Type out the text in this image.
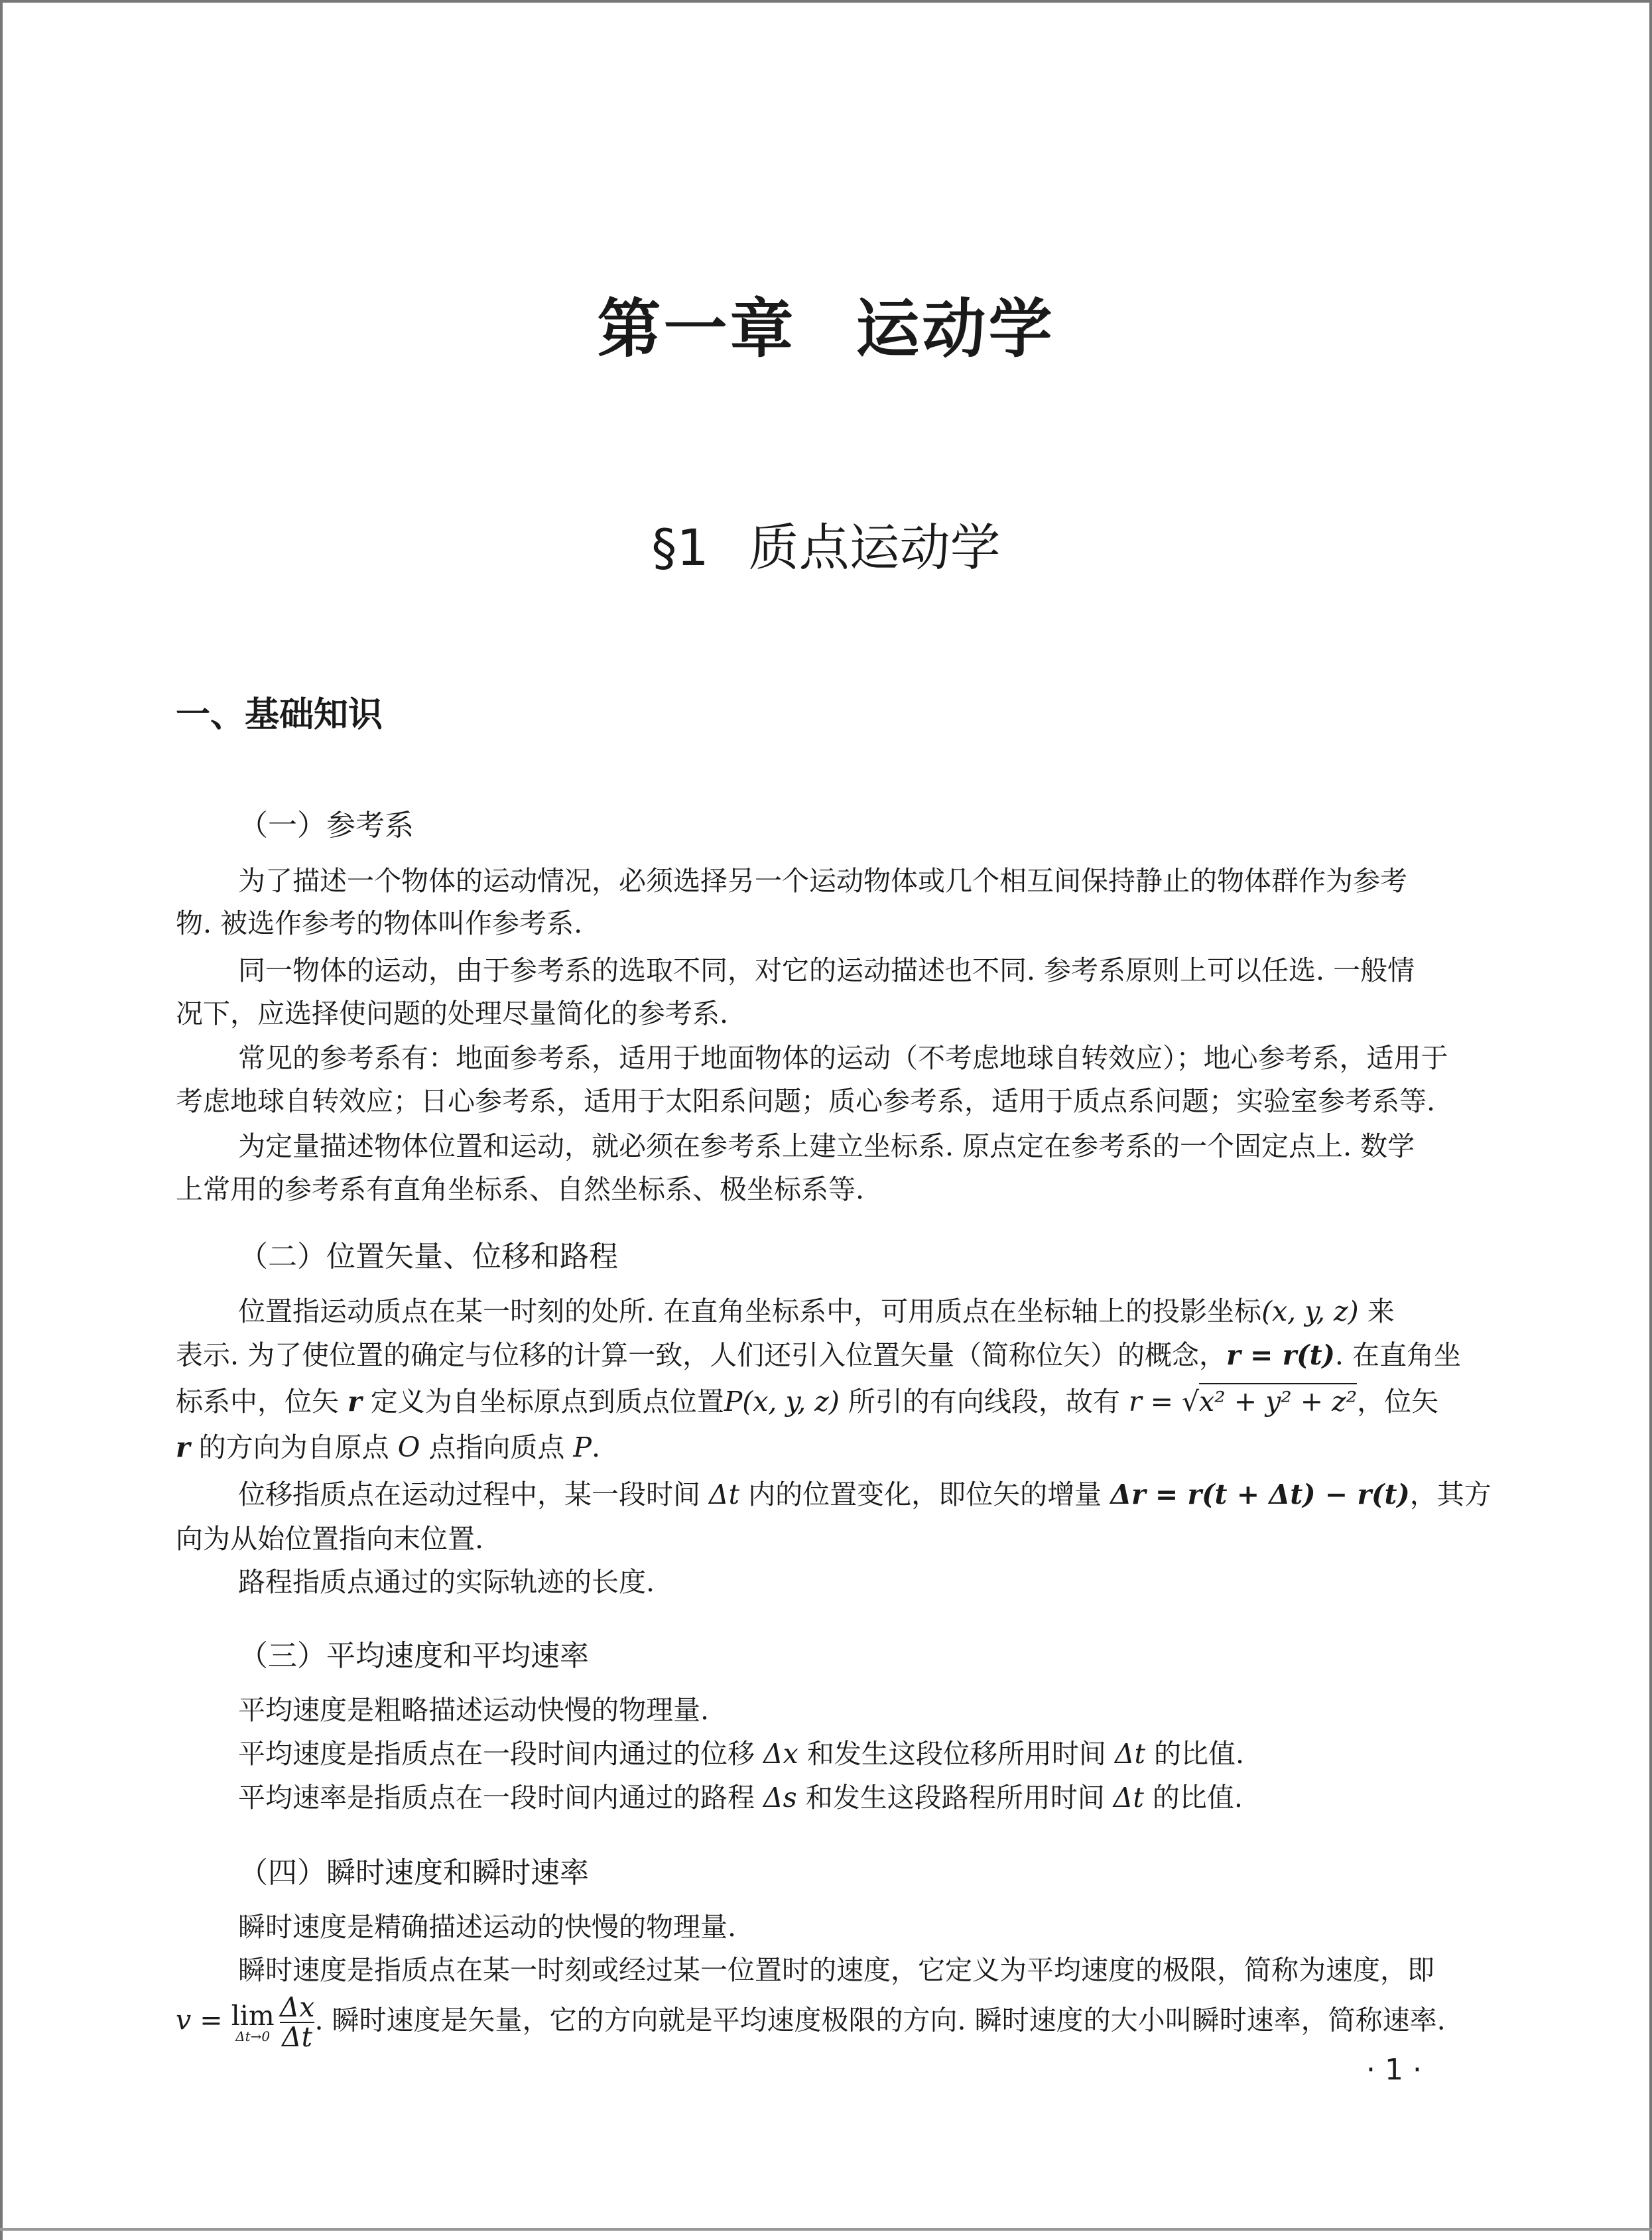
第一章 运动学
§1 质点运动学
一、基础知识
（一）参考系
为了描述一个物体的运动情况，必须选择另一个运动物体或几个相互间保持静止的物体群作为参考
物. 被选作参考的物体叫作参考系.
同一物体的运动，由于参考系的选取不同，对它的运动描述也不同. 参考系原则上可以任选. 一般情
况下，应选择使问题的处理尽量简化的参考系.
常见的参考系有：地面参考系，适用于地面物体的运动（不考虑地球自转效应）；地心参考系，适用于
考虑地球自转效应；日心参考系，适用于太阳系问题；质心参考系，适用于质点系问题；实验室参考系等.
为定量描述物体位置和运动，就必须在参考系上建立坐标系. 原点定在参考系的一个固定点上. 数学
上常用的参考系有直角坐标系、自然坐标系、极坐标系等.
（二）位置矢量、位移和路程
位置指运动质点在某一时刻的处所. 在直角坐标系中，可用质点在坐标轴上的投影坐标(x, y, z) 来
表示. 为了使位置的确定与位移的计算一致，人们还引入位置矢量（简称位矢）的概念，r = r(t). 在直角坐
标系中，位矢 r 定义为自坐标原点到质点位置P(x, y, z) 所引的有向线段，故有 r = √x² + y² + z²，位矢
r 的方向为自原点 O 点指向质点 P.
位移指质点在运动过程中，某一段时间 Δt 内的位置变化，即位矢的增量 Δr = r(t + Δt) − r(t)，其方
向为从始位置指向末位置.
路程指质点通过的实际轨迹的长度.
（三）平均速度和平均速率
平均速度是粗略描述运动快慢的物理量.
平均速度是指质点在一段时间内通过的位移 Δx 和发生这段位移所用时间 Δt 的比值.
平均速率是指质点在一段时间内通过的路程 Δs 和发生这段路程所用时间 Δt 的比值.
（四）瞬时速度和瞬时速率
瞬时速度是精确描述运动的快慢的物理量.
瞬时速度是指质点在某一时刻或经过某一位置时的速度，它定义为平均速度的极限，简称为速度，即
v = lim
$\Delta t\to 0 \frac{\Delta x}{\Delta t}$ . 瞬时速度是矢量，它的方向就是平均速度极限的方向. 瞬时速度的大小叫瞬时速率，简称速率.
· 1 ·
